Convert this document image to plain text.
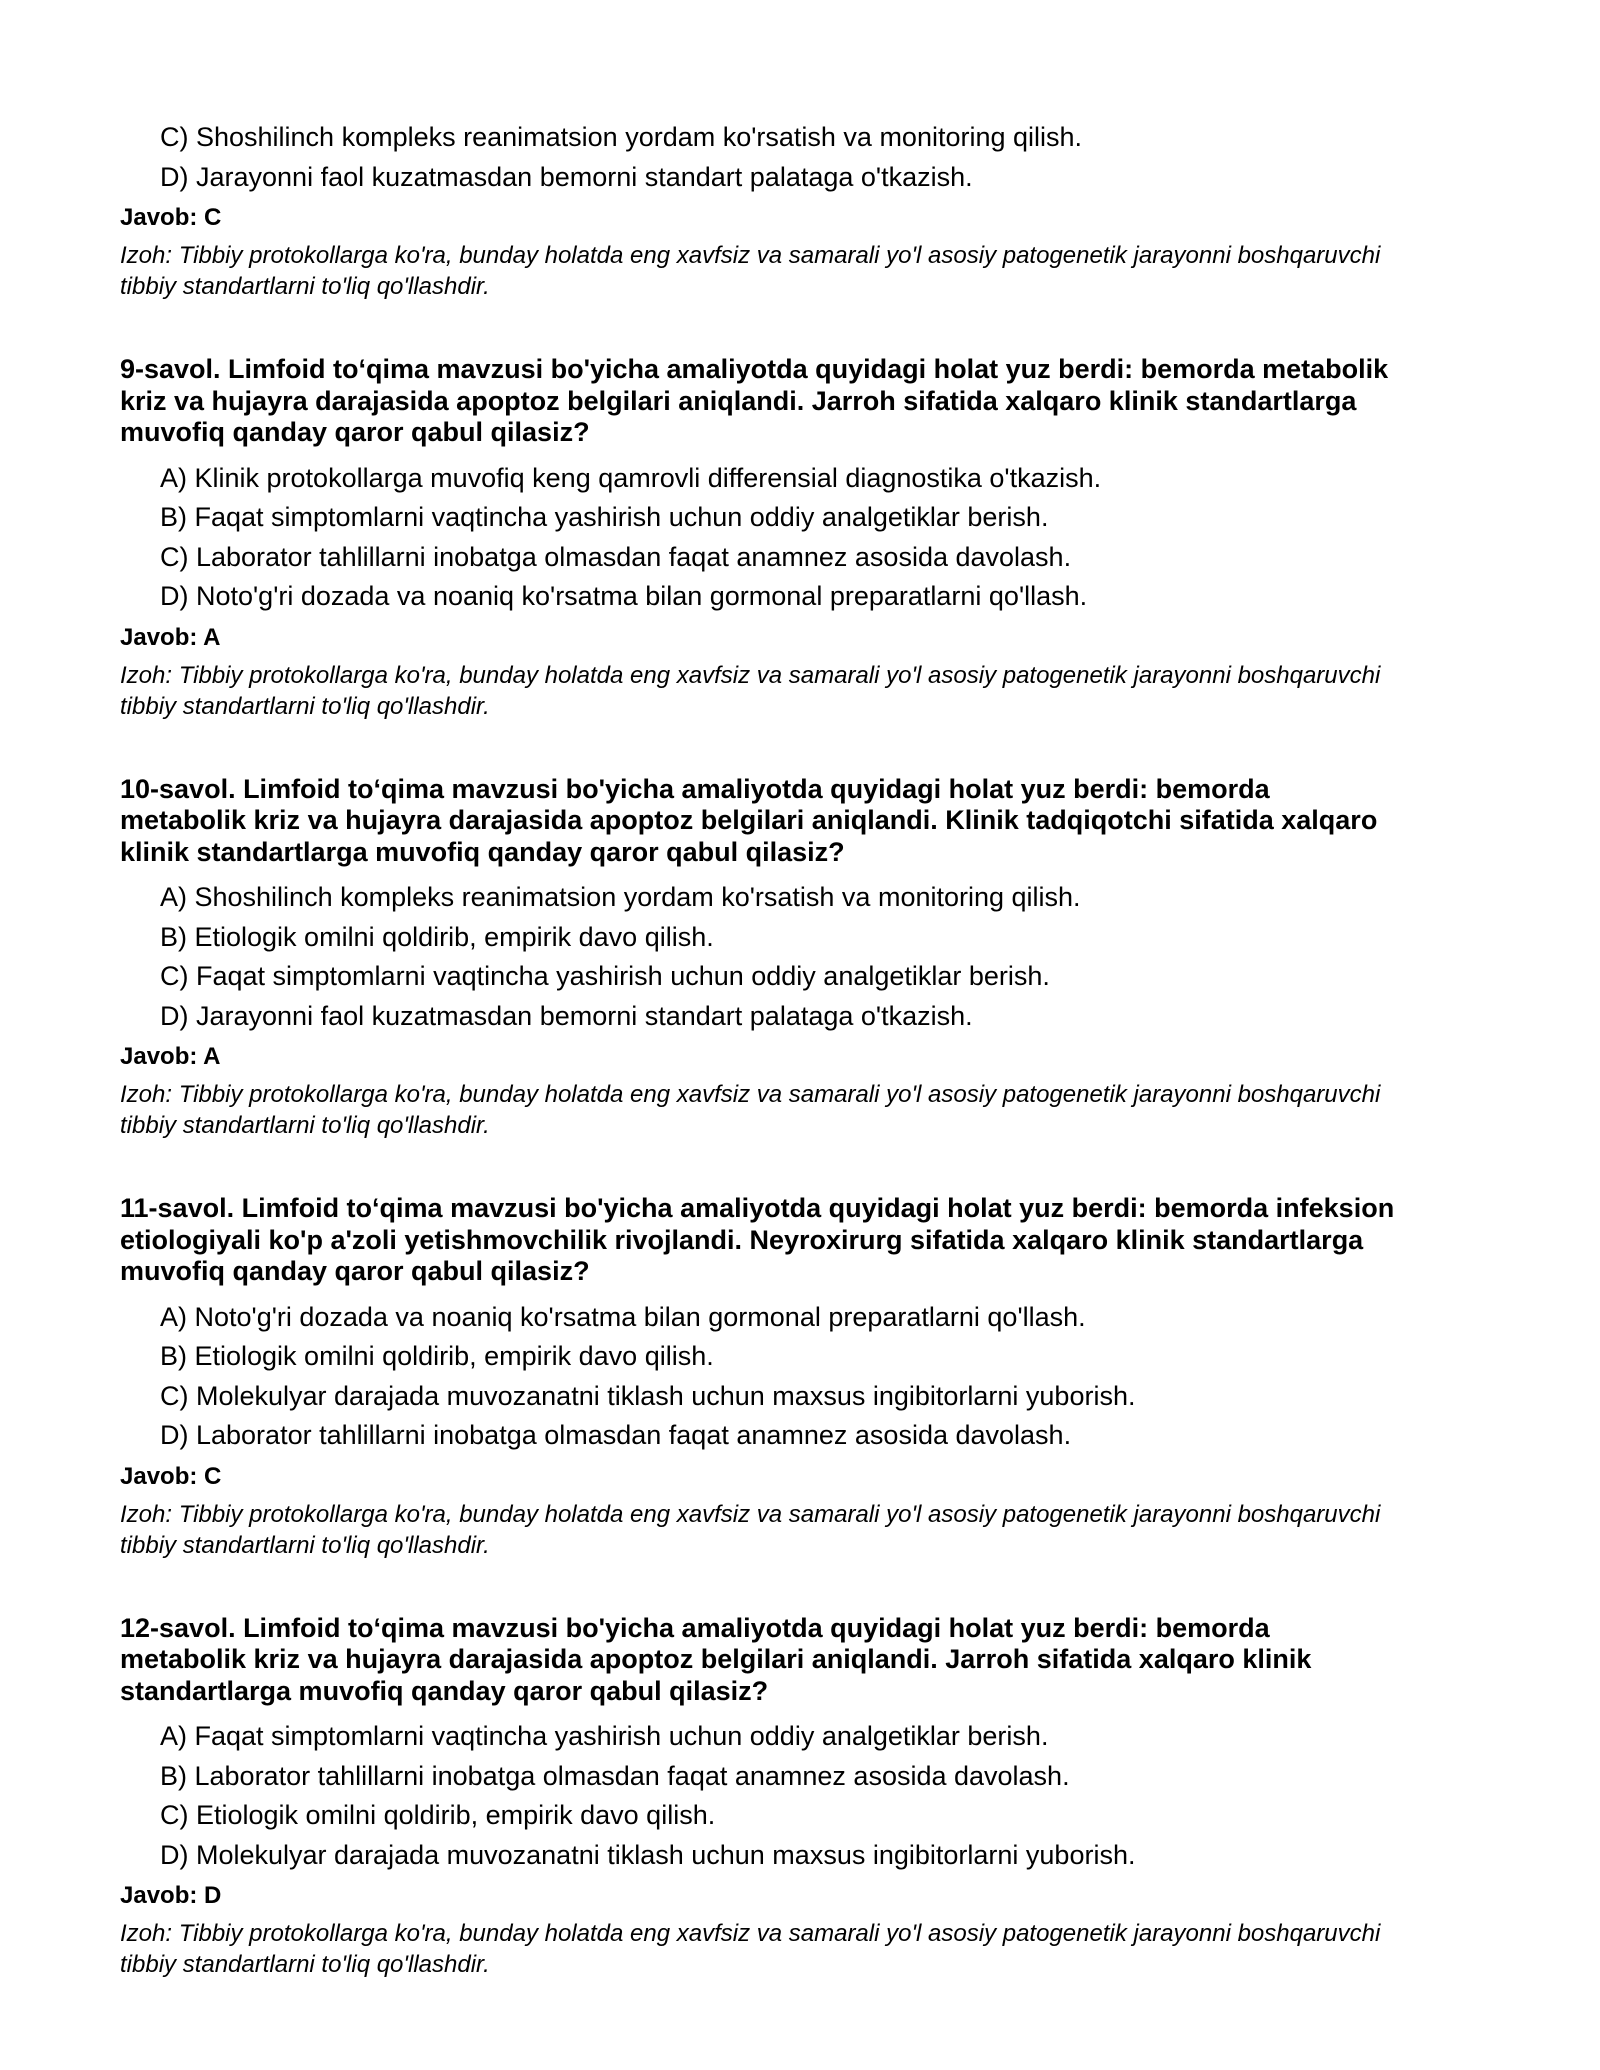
C) Shoshilinch kompleks reanimatsion yordam ko'rsatish va monitoring qilish.
D) Jarayonni faol kuzatmasdan bemorni standart palataga o'tkazish.
Javob: C
Izoh: Tibbiy protokollarga ko'ra, bunday holatda eng xavfsiz va samarali yo'l asosiy patogenetik jarayonni boshqaruvchi tibbiy standartlarni to'liq qo'llashdir.
9-savol. Limfoid to‘qima mavzusi bo'yicha amaliyotda quyidagi holat yuz berdi: bemorda metabolik
kriz va hujayra darajasida apoptoz belgilari aniqlandi. Jarroh sifatida xalqaro klinik standartlarga
muvofiq qanday qaror qabul qilasiz?
A) Klinik protokollarga muvofiq keng qamrovli differensial diagnostika o'tkazish.
B) Faqat simptomlarni vaqtincha yashirish uchun oddiy analgetiklar berish.
C) Laborator tahlillarni inobatga olmasdan faqat anamnez asosida davolash.
D) Noto'g'ri dozada va noaniq ko'rsatma bilan gormonal preparatlarni qo'llash.
Javob: A
Izoh: Tibbiy protokollarga ko'ra, bunday holatda eng xavfsiz va samarali yo'l asosiy patogenetik jarayonni boshqaruvchi tibbiy standartlarni to'liq qo'llashdir.
10-savol. Limfoid to‘qima mavzusi bo'yicha amaliyotda quyidagi holat yuz berdi: bemorda
metabolik kriz va hujayra darajasida apoptoz belgilari aniqlandi. Klinik tadqiqotchi sifatida xalqaro
klinik standartlarga muvofiq qanday qaror qabul qilasiz?
A) Shoshilinch kompleks reanimatsion yordam ko'rsatish va monitoring qilish.
B) Etiologik omilni qoldirib, empirik davo qilish.
C) Faqat simptomlarni vaqtincha yashirish uchun oddiy analgetiklar berish.
D) Jarayonni faol kuzatmasdan bemorni standart palataga o'tkazish.
Javob: A
Izoh: Tibbiy protokollarga ko'ra, bunday holatda eng xavfsiz va samarali yo'l asosiy patogenetik jarayonni boshqaruvchi tibbiy standartlarni to'liq qo'llashdir.
11-savol. Limfoid to‘qima mavzusi bo'yicha amaliyotda quyidagi holat yuz berdi: bemorda infeksion
etiologiyali ko'p a'zoli yetishmovchilik rivojlandi. Neyroxirurg sifatida xalqaro klinik standartlarga
muvofiq qanday qaror qabul qilasiz?
A) Noto'g'ri dozada va noaniq ko'rsatma bilan gormonal preparatlarni qo'llash.
B) Etiologik omilni qoldirib, empirik davo qilish.
C) Molekulyar darajada muvozanatni tiklash uchun maxsus ingibitorlarni yuborish.
D) Laborator tahlillarni inobatga olmasdan faqat anamnez asosida davolash.
Javob: C
Izoh: Tibbiy protokollarga ko'ra, bunday holatda eng xavfsiz va samarali yo'l asosiy patogenetik jarayonni boshqaruvchi tibbiy standartlarni to'liq qo'llashdir.
12-savol. Limfoid to‘qima mavzusi bo'yicha amaliyotda quyidagi holat yuz berdi: bemorda
metabolik kriz va hujayra darajasida apoptoz belgilari aniqlandi. Jarroh sifatida xalqaro klinik
standartlarga muvofiq qanday qaror qabul qilasiz?
A) Faqat simptomlarni vaqtincha yashirish uchun oddiy analgetiklar berish.
B) Laborator tahlillarni inobatga olmasdan faqat anamnez asosida davolash.
C) Etiologik omilni qoldirib, empirik davo qilish.
D) Molekulyar darajada muvozanatni tiklash uchun maxsus ingibitorlarni yuborish.
Javob: D
Izoh: Tibbiy protokollarga ko'ra, bunday holatda eng xavfsiz va samarali yo'l asosiy patogenetik jarayonni boshqaruvchi tibbiy standartlarni to'liq qo'llashdir.
